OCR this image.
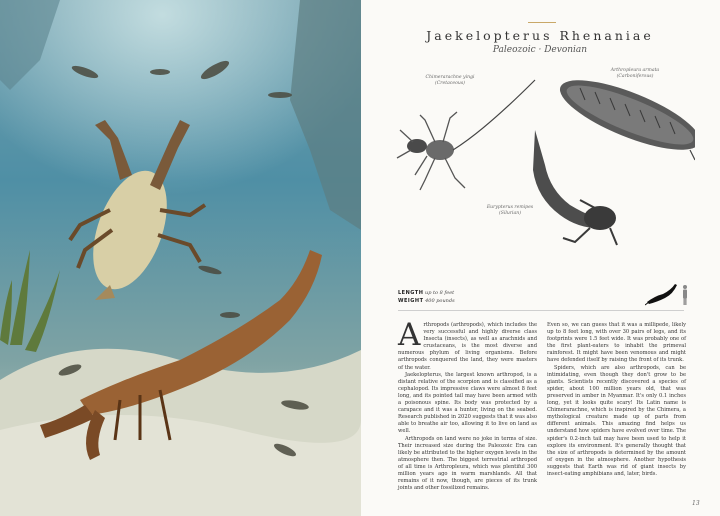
Jaekelopterus Rhenaniae
Paleozoic · Devonian
Chimerarachne yingi
(Cretaceous)
Arthropleura armata
(Carboniferous)
Eurypterus remipes
(Silurian)
LENGTH up to 8 feet
WEIGHT 400 pounds

Arthropods (arthropods), which includes the very successful and highly diverse class Insecta (insects), as well as arachnids and crustaceans, is the most diverse and numerous phylum of living organisms. Before arthropods conquered the land, they were masters of the water.

Jaekelopterus, the largest known arthropod, is a distant relative of the scorpion and is classified as a cephalopod. Its impressive claws were almost 8 feet long, and its pointed tail may have been armed with a poisonous spine. Its body was protected by a carapace and it was a hunter, living on the seabed. Research published in 2020 suggests that it was also able to breathe air too, allowing it to live on land as well.

Arthropods on land were no joke in terms of size. Their increased size during the Paleozoic Era can likely be attributed to the higher oxygen levels in the atmosphere then. The biggest terrestrial arthropod of all time is Arthropleura, which was plentiful 300 million years ago in warm marshlands. All that remains of it now, though, are pieces of its trunk joints and other fossilized remains.

Even so, we can guess that it was a millipede, likely up to 8 feet long, with over 30 pairs of legs, and its footprints were 1.5 feet wide. It was probably one of the first plant-eaters to inhabit the primeval rainforest. It might have been venomous and might have defended itself by raising the front of its trunk.

Spiders, which are also arthropods, can be intimidating, even though they don't grow to be giants. Scientists recently discovered a species of spider, about 100 million years old, that was preserved in amber in Myanmar. It's only 0.1 inches long, yet it looks quite scary! Its Latin name is Chimerarachne, which is inspired by the Chimera, a mythological creature made up of parts from different animals. This amazing find helps us understand how spiders have evolved over time. The spider's 0.2-inch tail may have been used to help it explore its environment. It's generally thought that the size of arthropods is determined by the amount of oxygen in the atmosphere. Another hypothesis suggests that Earth was rid of giant insects by insect-eating amphibians and, later, birds.

13
